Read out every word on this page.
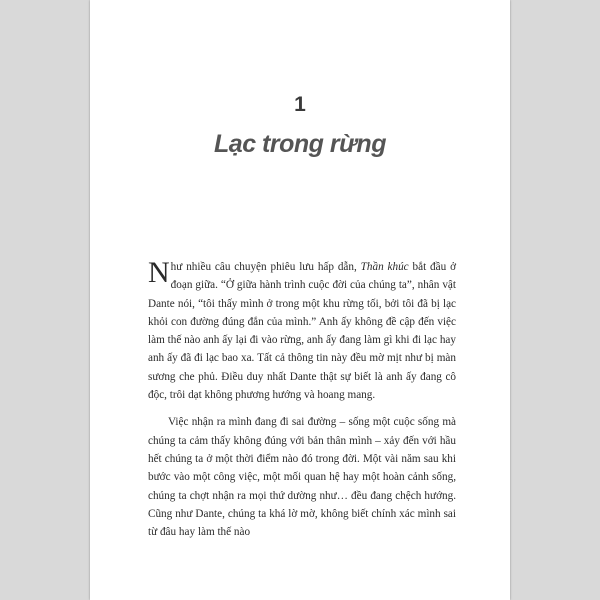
1
Lạc trong rừng

Như nhiều câu chuyện phiêu lưu hấp dẫn, Thần khúc bắt đầu ở đoạn giữa. “Ở giữa hành trình cuộc đời của chúng ta”, nhân vật Dante nói, “tôi thấy mình ở trong một khu rừng tối, bởi tôi đã bị lạc khỏi con đường đúng đắn của mình.” Anh ấy không đề cập đến việc làm thế nào anh ấy lại đi vào rừng, anh ấy đang làm gì khi đi lạc hay anh ấy đã đi lạc bao xa. Tất cả thông tin này đều mờ mịt như bị màn sương che phủ. Điều duy nhất Dante thật sự biết là anh ấy đang cô độc, trôi dạt không phương hướng và hoang mang.

Việc nhận ra mình đang đi sai đường – sống một cuộc sống mà chúng ta cảm thấy không đúng với bản thân mình – xảy đến với hầu hết chúng ta ở một thời điểm nào đó trong đời. Một vài năm sau khi bước vào một công việc, một mối quan hệ hay một hoàn cảnh sống, chúng ta chợt nhận ra mọi thứ dường như… đều đang chệch hướng. Cũng như Dante, chúng ta khá lờ mờ, không biết chính xác mình sai từ đâu hay làm thế nào
